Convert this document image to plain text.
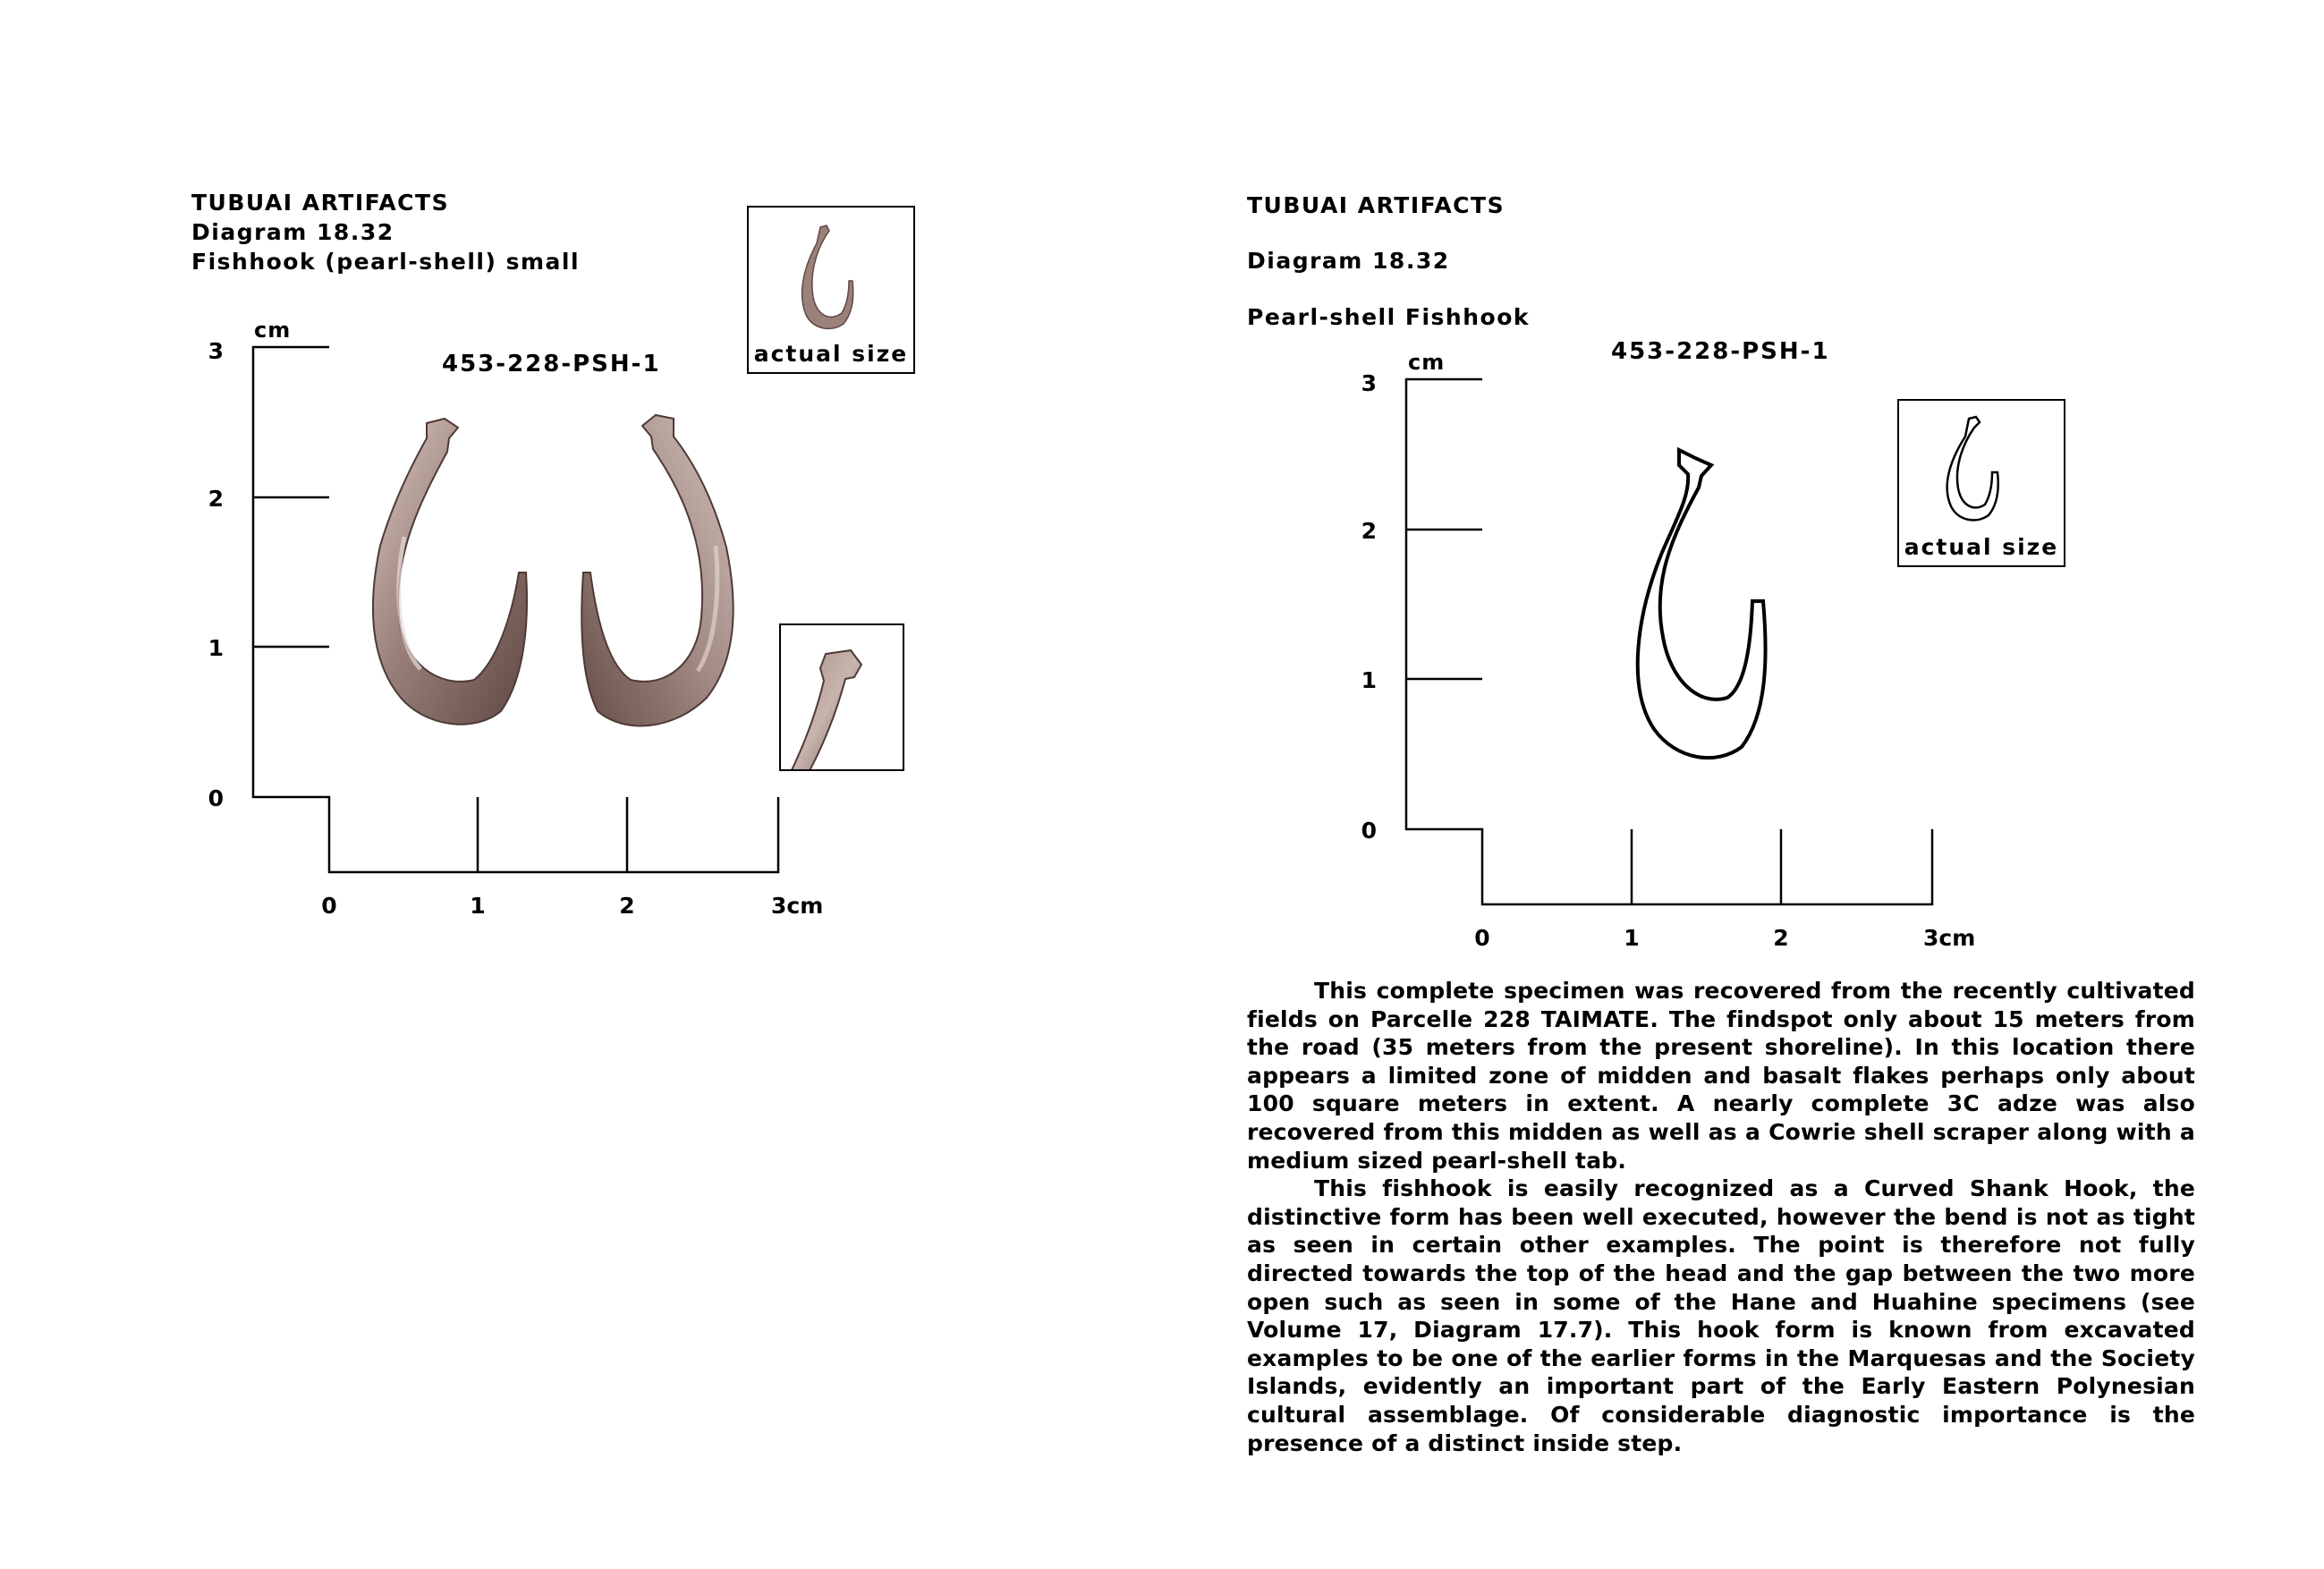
TUBUAI ARTIFACTS
Diagram 18.32
Fishhook (pearl-shell) small
453-228-PSH-1
3
2
1
0
cm
0	1	2	3cm
actual size
TUBUAI ARTIFACTS
Diagram 18.32
Pearl-shell Fishhook
453-228-PSH-1
3
2
1
0
cm
0	1	2	3cm
actual size

This complete specimen was recovered from the recently cultivated fields on Parcelle 228 TAIMATE. The findspot only about 15 meters from the road (35 meters from the present shoreline). In this location there appears a limited zone of midden and basalt flakes perhaps only about 100 square meters in extent. A nearly complete 3C adze was also recovered from this midden as well as a Cowrie shell scraper along with a medium sized pearl-shell tab.

This fishhook is easily recognized as a Curved Shank Hook, the distinctive form has been well executed, however the bend is not as tight as seen in certain other examples. The point is therefore not fully directed towards the top of the head and the gap between the two more open such as seen in some of the Hane and Huahine specimens (see Volume 17, Diagram 17.7). This hook form is known from excavated examples to be one of the earlier forms in the Marquesas and the Society Islands, evidently an important part of the Early Eastern Polynesian cultural assemblage. Of considerable diagnostic importance is the presence of a distinct inside step.
